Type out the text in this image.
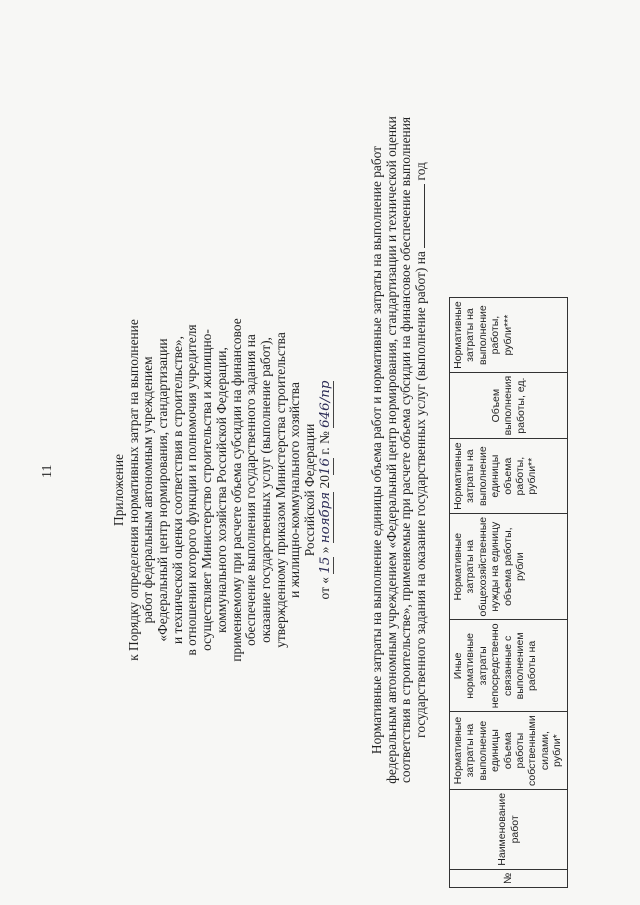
11	Приложение к Порядку определения нормативных затрат на выполнение работ федеральным автономным учреждением «Федеральный центр нормирования, стандартизации и технической оценки соответствия в строительстве», в отношении которого функции и полномочия учредителя осуществляет Министерство строительства и жилищно- коммунального хозяйства Российской Федерации, применяемому при расчете объема субсидии на финансовое обеспечение выполнения государственного задания на оказание государственных услуг (выполнение работ), утвержденному приказом Министерства строительства и жилищно-коммунального хозяйства Российской Федерации
от « 15 » ноября 2016 г. № 646/пр	Нормативные затраты на выполнение единицы объема работ и нормативные затраты на выполнение работ федеральным автономным учреждением «Федеральный центр нормирования, стандартизации и технической оценки соответствия в строительстве», применяемые при расчете объема субсидии на финансовое обеспечение выполнения государственного задания на оказание государственных услуг (выполнение работ) на  год
№	Наименование работ	Нормативные затраты на выполнение единицы объема работы собственными силами, рубли*	Иные нормативные затраты непосредственно связанные с выполнением работы на	Нормативные затраты на общехозяйственные нужды на единицу объема работы, рубли	Нормативные затраты на выполнение единицы объема работы, рубли**	Объем выполнения работы, ед.	Нормативные затраты на выполнение работы, рубли***
